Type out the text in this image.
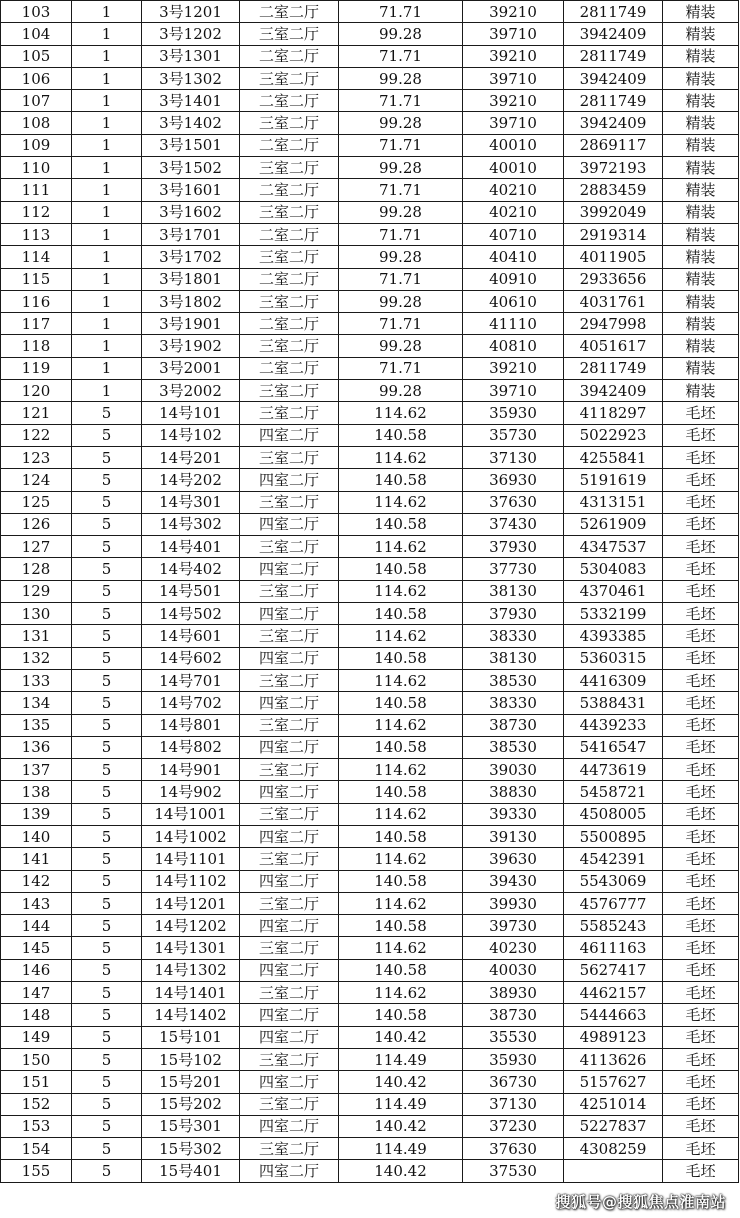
103	1	3号1201	二室二厅	71.71	39210	2811749	精装
104	1	3号1202	三室二厅	99.28	39710	3942409	精装
105	1	3号1301	二室二厅	71.71	39210	2811749	精装
106	1	3号1302	三室二厅	99.28	39710	3942409	精装
107	1	3号1401	二室二厅	71.71	39210	2811749	精装
108	1	3号1402	三室二厅	99.28	39710	3942409	精装
109	1	3号1501	二室二厅	71.71	40010	2869117	精装
110	1	3号1502	三室二厅	99.28	40010	3972193	精装
111	1	3号1601	二室二厅	71.71	40210	2883459	精装
112	1	3号1602	三室二厅	99.28	40210	3992049	精装
113	1	3号1701	二室二厅	71.71	40710	2919314	精装
114	1	3号1702	三室二厅	99.28	40410	4011905	精装
115	1	3号1801	二室二厅	71.71	40910	2933656	精装
116	1	3号1802	三室二厅	99.28	40610	4031761	精装
117	1	3号1901	二室二厅	71.71	41110	2947998	精装
118	1	3号1902	三室二厅	99.28	40810	4051617	精装
119	1	3号2001	二室二厅	71.71	39210	2811749	精装
120	1	3号2002	三室二厅	99.28	39710	3942409	精装
121	5	14号101	三室二厅	114.62	35930	4118297	毛坯
122	5	14号102	四室二厅	140.58	35730	5022923	毛坯
123	5	14号201	三室二厅	114.62	37130	4255841	毛坯
124	5	14号202	四室二厅	140.58	36930	5191619	毛坯
125	5	14号301	三室二厅	114.62	37630	4313151	毛坯
126	5	14号302	四室二厅	140.58	37430	5261909	毛坯
127	5	14号401	三室二厅	114.62	37930	4347537	毛坯
128	5	14号402	四室二厅	140.58	37730	5304083	毛坯
129	5	14号501	三室二厅	114.62	38130	4370461	毛坯
130	5	14号502	四室二厅	140.58	37930	5332199	毛坯
131	5	14号601	三室二厅	114.62	38330	4393385	毛坯
132	5	14号602	四室二厅	140.58	38130	5360315	毛坯
133	5	14号701	三室二厅	114.62	38530	4416309	毛坯
134	5	14号702	四室二厅	140.58	38330	5388431	毛坯
135	5	14号801	三室二厅	114.62	38730	4439233	毛坯
136	5	14号802	四室二厅	140.58	38530	5416547	毛坯
137	5	14号901	三室二厅	114.62	39030	4473619	毛坯
138	5	14号902	四室二厅	140.58	38830	5458721	毛坯
139	5	14号1001	三室二厅	114.62	39330	4508005	毛坯
140	5	14号1002	四室二厅	140.58	39130	5500895	毛坯
141	5	14号1101	三室二厅	114.62	39630	4542391	毛坯
142	5	14号1102	四室二厅	140.58	39430	5543069	毛坯
143	5	14号1201	三室二厅	114.62	39930	4576777	毛坯
144	5	14号1202	四室二厅	140.58	39730	5585243	毛坯
145	5	14号1301	三室二厅	114.62	40230	4611163	毛坯
146	5	14号1302	四室二厅	140.58	40030	5627417	毛坯
147	5	14号1401	三室二厅	114.62	38930	4462157	毛坯
148	5	14号1402	四室二厅	140.58	38730	5444663	毛坯
149	5	15号101	四室二厅	140.42	35530	4989123	毛坯
150	5	15号102	三室二厅	114.49	35930	4113626	毛坯
151	5	15号201	四室二厅	140.42	36730	5157627	毛坯
152	5	15号202	三室二厅	114.49	37130	4251014	毛坯
153	5	15号301	四室二厅	140.42	37230	5227837	毛坯
154	5	15号302	三室二厅	114.49	37630	4308259	毛坯
155	5	15号401	四室二厅	140.42	37530		毛坯
搜狐号@搜狐焦点淮南站
